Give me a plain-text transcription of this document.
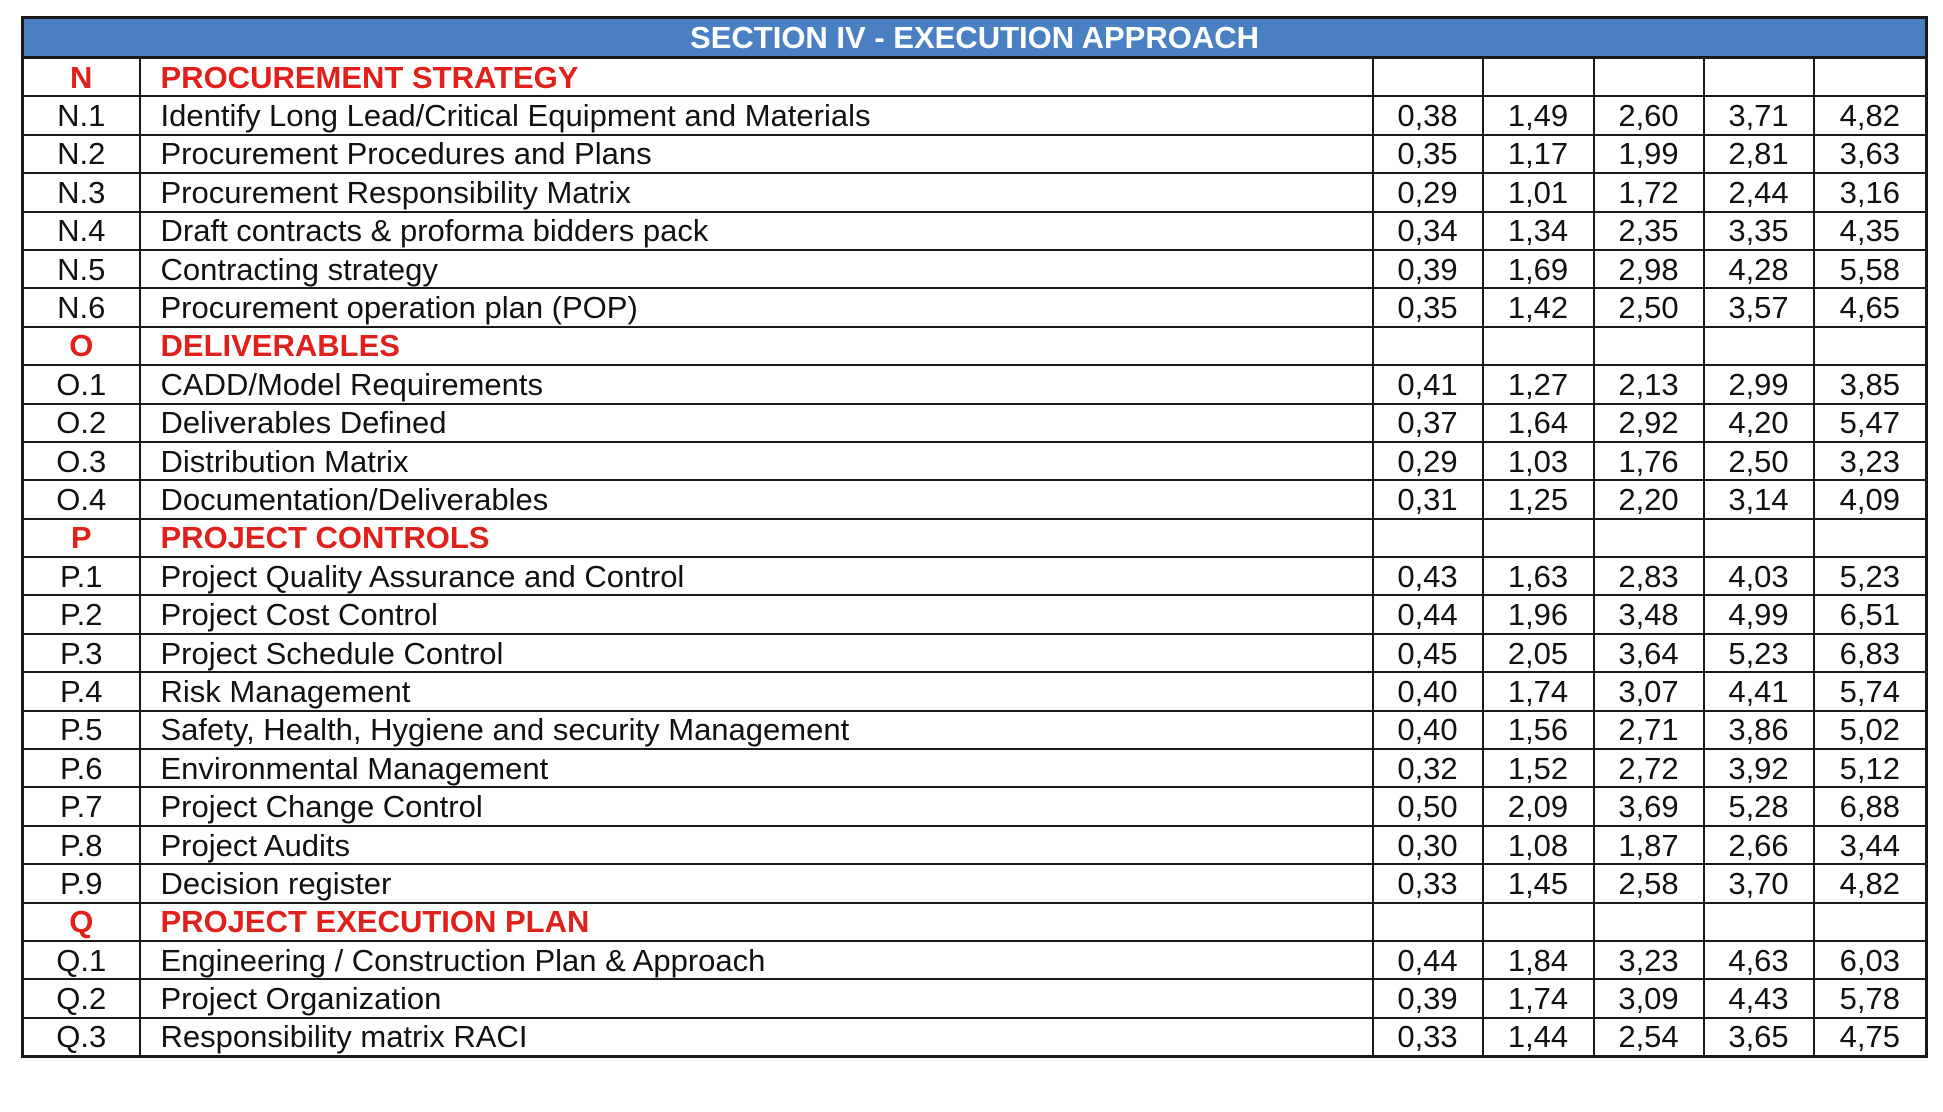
SECTION IV - EXECUTION APPROACH						
N	PROCUREMENT STRATEGY					
N.1	Identify Long Lead/Critical Equipment and Materials	0,38	1,49	2,60	3,71	4,82
N.2	Procurement Procedures and Plans	0,35	1,17	1,99	2,81	3,63
N.3	Procurement Responsibility Matrix	0,29	1,01	1,72	2,44	3,16
N.4	Draft contracts & proforma bidders pack	0,34	1,34	2,35	3,35	4,35
N.5	Contracting strategy	0,39	1,69	2,98	4,28	5,58
N.6	Procurement operation plan (POP)	0,35	1,42	2,50	3,57	4,65
O	DELIVERABLES					
O.1	CADD/Model Requirements	0,41	1,27	2,13	2,99	3,85
O.2	Deliverables Defined	0,37	1,64	2,92	4,20	5,47
O.3	Distribution Matrix	0,29	1,03	1,76	2,50	3,23
O.4	Documentation/Deliverables	0,31	1,25	2,20	3,14	4,09
P	PROJECT CONTROLS					
P.1	Project Quality Assurance and Control	0,43	1,63	2,83	4,03	5,23
P.2	Project Cost Control	0,44	1,96	3,48	4,99	6,51
P.3	Project Schedule Control	0,45	2,05	3,64	5,23	6,83
P.4	Risk Management	0,40	1,74	3,07	4,41	5,74
P.5	Safety, Health, Hygiene and security Management	0,40	1,56	2,71	3,86	5,02
P.6	Environmental Management	0,32	1,52	2,72	3,92	5,12
P.7	Project Change Control	0,50	2,09	3,69	5,28	6,88
P.8	Project Audits	0,30	1,08	1,87	2,66	3,44
P.9	Decision register	0,33	1,45	2,58	3,70	4,82
Q	PROJECT EXECUTION PLAN					
Q.1	Engineering / Construction Plan & Approach	0,44	1,84	3,23	4,63	6,03
Q.2	Project Organization	0,39	1,74	3,09	4,43	5,78
Q.3	Responsibility matrix RACI	0,33	1,44	2,54	3,65	4,75
